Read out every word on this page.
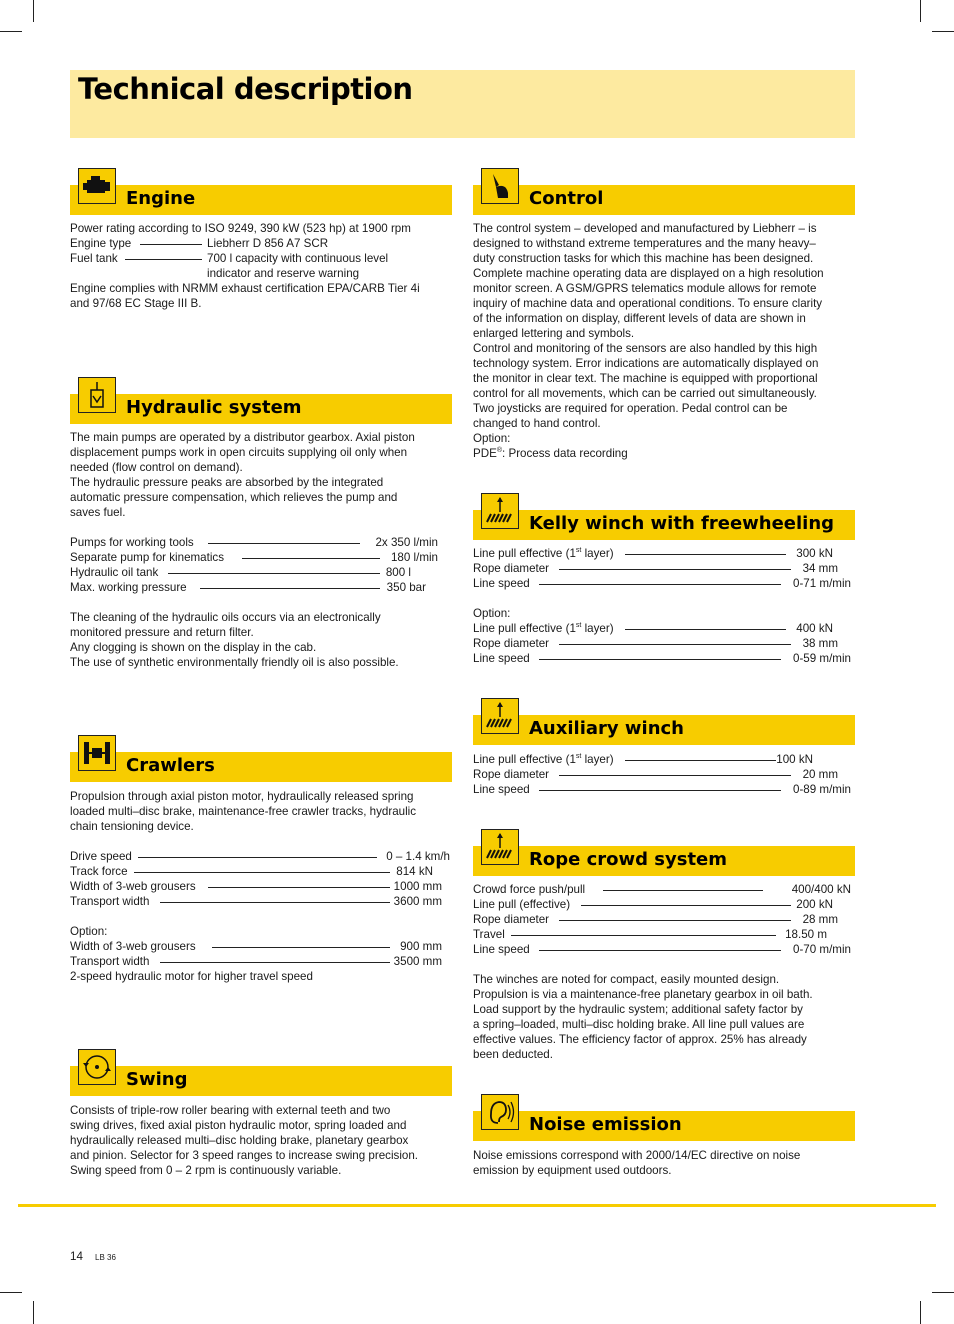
Technical description
Engine

Power rating according to ISO 9249, 390 kW (523 hp) at 1900 rpm

Engine type	Liebherr D 856 A7 SCR
Fuel tank	700 l capacity with continuous level
indicator and reserve warning

Engine complies with NRMM exhaust certification EPA/CARB Tier 4i

and 97/68 EC Stage III B.

Hydraulic system

The main pumps are operated by a distributor gearbox. Axial piston

displacement pumps work in open circuits supplying oil only when

needed (flow control on demand).

The hydraulic pressure peaks are absorbed by the integrated

automatic pressure compensation, which relieves the pump and

saves fuel.

Pumps for working tools	2x 350 l/min
Separate pump for kinematics	180 l/min
Hydraulic oil tank	800 l
Max. working pressure	350 bar

The cleaning of the hydraulic oils occurs via an electronically

monitored pressure and return filter.

Any clogging is shown on the display in the cab.

The use of synthetic environmentally friendly oil is also possible.

Crawlers

Propulsion through axial piston motor, hydraulically released spring

loaded multi–disc brake, maintenance-free crawler tracks, hydraulic

chain tensioning device.

Drive speed	0 – 1.4 km/h
Track force	814 kN
Width of 3-web grousers	1000 mm
Transport width	3600 mm

Option:

Width of 3-web grousers	900 mm
Transport width	3500 mm

2-speed hydraulic motor for higher travel speed

Swing

Consists of triple-row roller bearing with external teeth and two

swing drives, fixed axial piston hydraulic motor, spring loaded and

hydraulically released multi–disc holding brake, planetary gearbox

and pinion. Selector for 3 speed ranges to increase swing precision.

Swing speed from 0 – 2 rpm is continuously variable.

Control

The control system – developed and manufactured by Liebherr – is

designed to withstand extreme temperatures and the many heavy–

duty construction tasks for which this machine has been designed.

Complete machine operating data are displayed on a high resolution

monitor screen. A GSM/GPRS telematics module allows for remote

inquiry of machine data and operational conditions. To ensure clarity

of the information on display, different levels of data are shown in

enlarged lettering and symbols.

Control and monitoring of the sensors are also handled by this high

technology system. Error indications are automatically displayed on

the monitor in clear text. The machine is equipped with proportional

control for all movements, which can be carried out simultaneously.

Two joysticks are required for operation. Pedal control can be

changed to hand control.

Option:

PDE®: Process data recording

Kelly winch with freewheeling
Line pull effective (1st layer)	300 kN
Rope diameter	34 mm
Line speed	0-71 m/min

Option:

Line pull effective (1st layer)	400 kN
Rope diameter	38 mm
Line speed	0-59 m/min
Auxiliary winch
Line pull effective (1st layer)	100 kN
Rope diameter	20 mm
Line speed	0-89 m/min
Rope crowd system
Crowd force push/pull	400/400 kN
Line pull (effective)	200 kN
Rope diameter	28 mm
Travel	18.50 m
Line speed	0-70 m/min

The winches are noted for compact, easily mounted design.

Propulsion is via a maintenance-free planetary gearbox in oil bath.

Load support by the hydraulic system; additional safety factor by

a spring–loaded, multi–disc holding brake. All line pull values are

effective values. The efficiency factor of approx. 25% has already

been deducted.

Noise emission

Noise emissions correspond with 2000/14/EC directive on noise

emission by equipment used outdoors.

14 LB 36
